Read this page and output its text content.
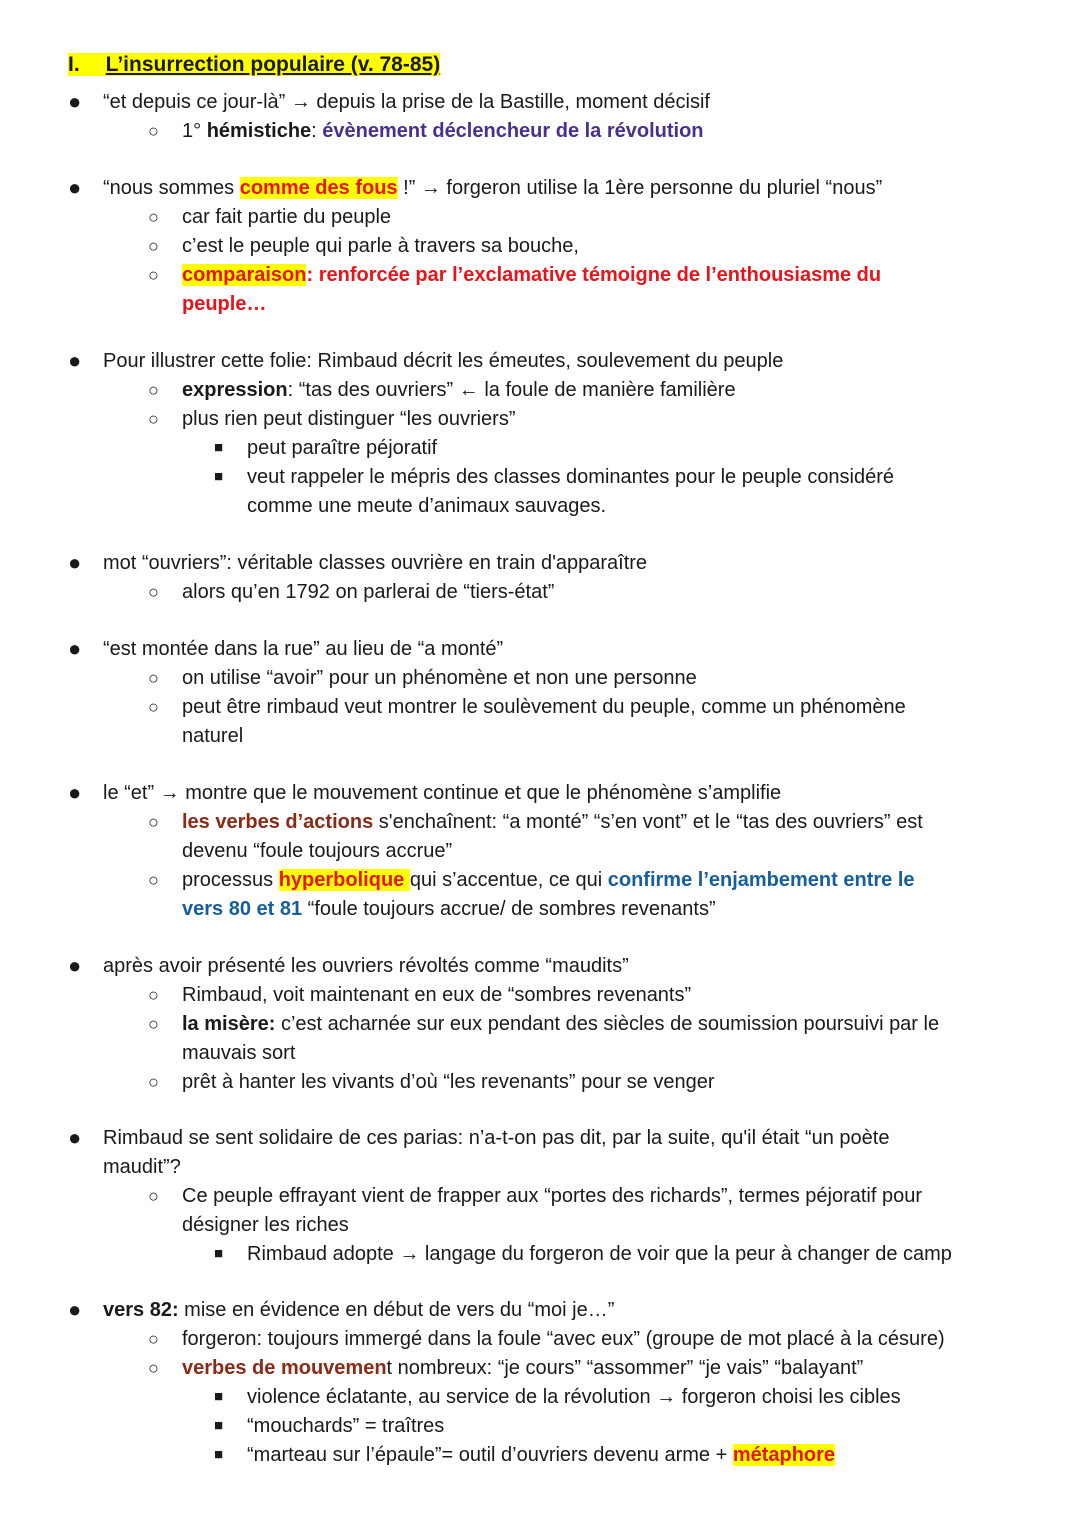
I. L’insurrection populaire (v. 78-85)
● “et depuis ce jour-là” → depuis la prise de la Bastille, moment décisif
○ 1° hémistiche: évènement déclencheur de la révolution
● “nous sommes comme des fous !” → forgeron utilise la 1ère personne du pluriel “nous”
○ car fait partie du peuple
○ c’est le peuple qui parle à travers sa bouche,
○ comparaison: renforcée par l’exclamative témoigne de l’enthousiasme du
peuple…
● Pour illustrer cette folie: Rimbaud décrit les émeutes, soulevement du peuple
○ expression: “tas des ouvriers” ← la foule de manière familière
○ plus rien peut distinguer “les ouvriers”
■ peut paraître péjoratif
■ veut rappeler le mépris des classes dominantes pour le peuple considéré
comme une meute d’animaux sauvages.
● mot “ouvriers”: véritable classes ouvrière en train d'apparaître
○ alors qu’en 1792 on parlerai de “tiers-état”
● “est montée dans la rue” au lieu de “a monté”
○ on utilise “avoir” pour un phénomène et non une personne
○ peut être rimbaud veut montrer le soulèvement du peuple, comme un phénomène
naturel
● le “et” → montre que le mouvement continue et que le phénomène s’amplifie
○ les verbes d’actions s'enchaînent: “a monté” “s’en vont” et le “tas des ouvriers” est
devenu “foule toujours accrue”
○ processus hyperbolique qui s’accentue, ce qui confirme l’enjambement entre le
vers 80 et 81 “foule toujours accrue/ de sombres revenants”
● après avoir présenté les ouvriers révoltés comme “maudits”
○ Rimbaud, voit maintenant en eux de “sombres revenants”
○ la misère: c’est acharnée sur eux pendant des siècles de soumission poursuivi par le
mauvais sort
○ prêt à hanter les vivants d’où “les revenants” pour se venger
● Rimbaud se sent solidaire de ces parias: n’a-t-on pas dit, par la suite, qu'il était “un poète
maudit”?
○ Ce peuple effrayant vient de frapper aux “portes des richards”, termes péjoratif pour
désigner les riches
■ Rimbaud adopte → langage du forgeron de voir que la peur à changer de camp
● vers 82: mise en évidence en début de vers du “moi je…”
○ forgeron: toujours immergé dans la foule “avec eux” (groupe de mot placé à la césure)
○ verbes de mouvement nombreux: “je cours” “assommer” “je vais” “balayant”
■ violence éclatante, au service de la révolution → forgeron choisi les cibles
■ “mouchards” = traîtres
■ “marteau sur l’épaule”= outil d’ouvriers devenu arme + métaphore
